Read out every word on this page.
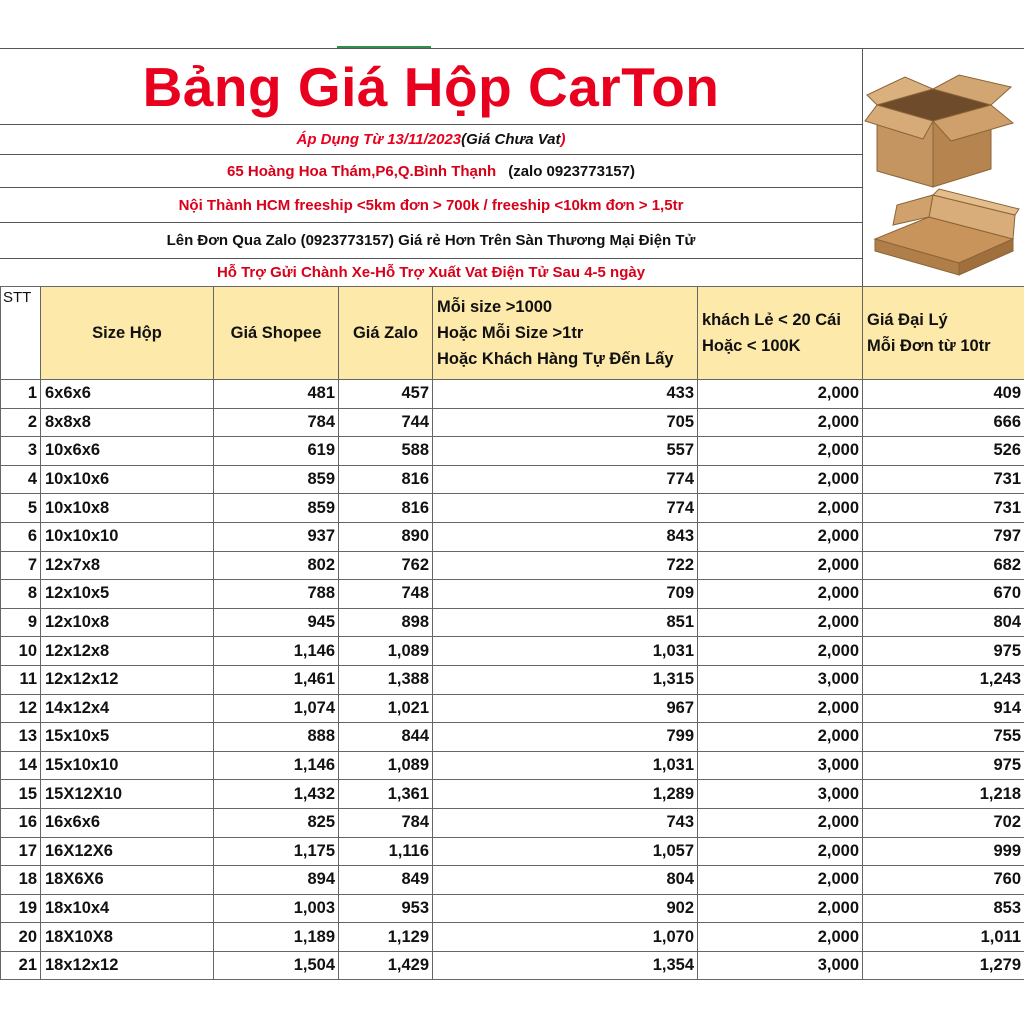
Bảng Giá Hộp CarTon
Áp Dụng Từ 13/11/2023 (Giá Chưa Vat )
65 Hoàng Hoa Thám,P6,Q.Bình Thạnh (zalo 0923773157)
Nội Thành HCM freeship <5km đơn > 700k / freeship <10km đơn > 1,5tr
Lên Đơn Qua Zalo (0923773157) Giá rẻ Hơn Trên Sàn Thương Mại Điện Tử
Hỗ Trợ Gửi Chành Xe-Hỗ Trợ Xuất Vat Điện Tử Sau 4-5 ngày
STT	Size Hộp	Giá Shopee	Giá Zalo	Mỗi size >1000
Hoặc Mỗi Size >1tr
Hoặc Khách Hàng Tự Đến Lấy	khách Lẻ < 20 Cái
Hoặc < 100K	Giá Đại Lý
Mỗi Đơn từ 10tr

1	6x6x6	481	457	433	2,000	409
2	8x8x8	784	744	705	2,000	666
3	10x6x6	619	588	557	2,000	526
4	10x10x6	859	816	774	2,000	731
5	10x10x8	859	816	774	2,000	731
6	10x10x10	937	890	843	2,000	797
7	12x7x8	802	762	722	2,000	682
8	12x10x5	788	748	709	2,000	670
9	12x10x8	945	898	851	2,000	804
10	12x12x8	1,146	1,089	1,031	2,000	975
11	12x12x12	1,461	1,388	1,315	3,000	1,243
12	14x12x4	1,074	1,021	967	2,000	914
13	15x10x5	888	844	799	2,000	755
14	15x10x10	1,146	1,089	1,031	3,000	975
15	15X12X10	1,432	1,361	1,289	3,000	1,218
16	16x6x6	825	784	743	2,000	702
17	16X12X6	1,175	1,116	1,057	2,000	999
18	18X6X6	894	849	804	2,000	760
19	18x10x4	1,003	953	902	2,000	853
20	18X10X8	1,189	1,129	1,070	2,000	1,011
21	18x12x12	1,504	1,429	1,354	3,000	1,279
